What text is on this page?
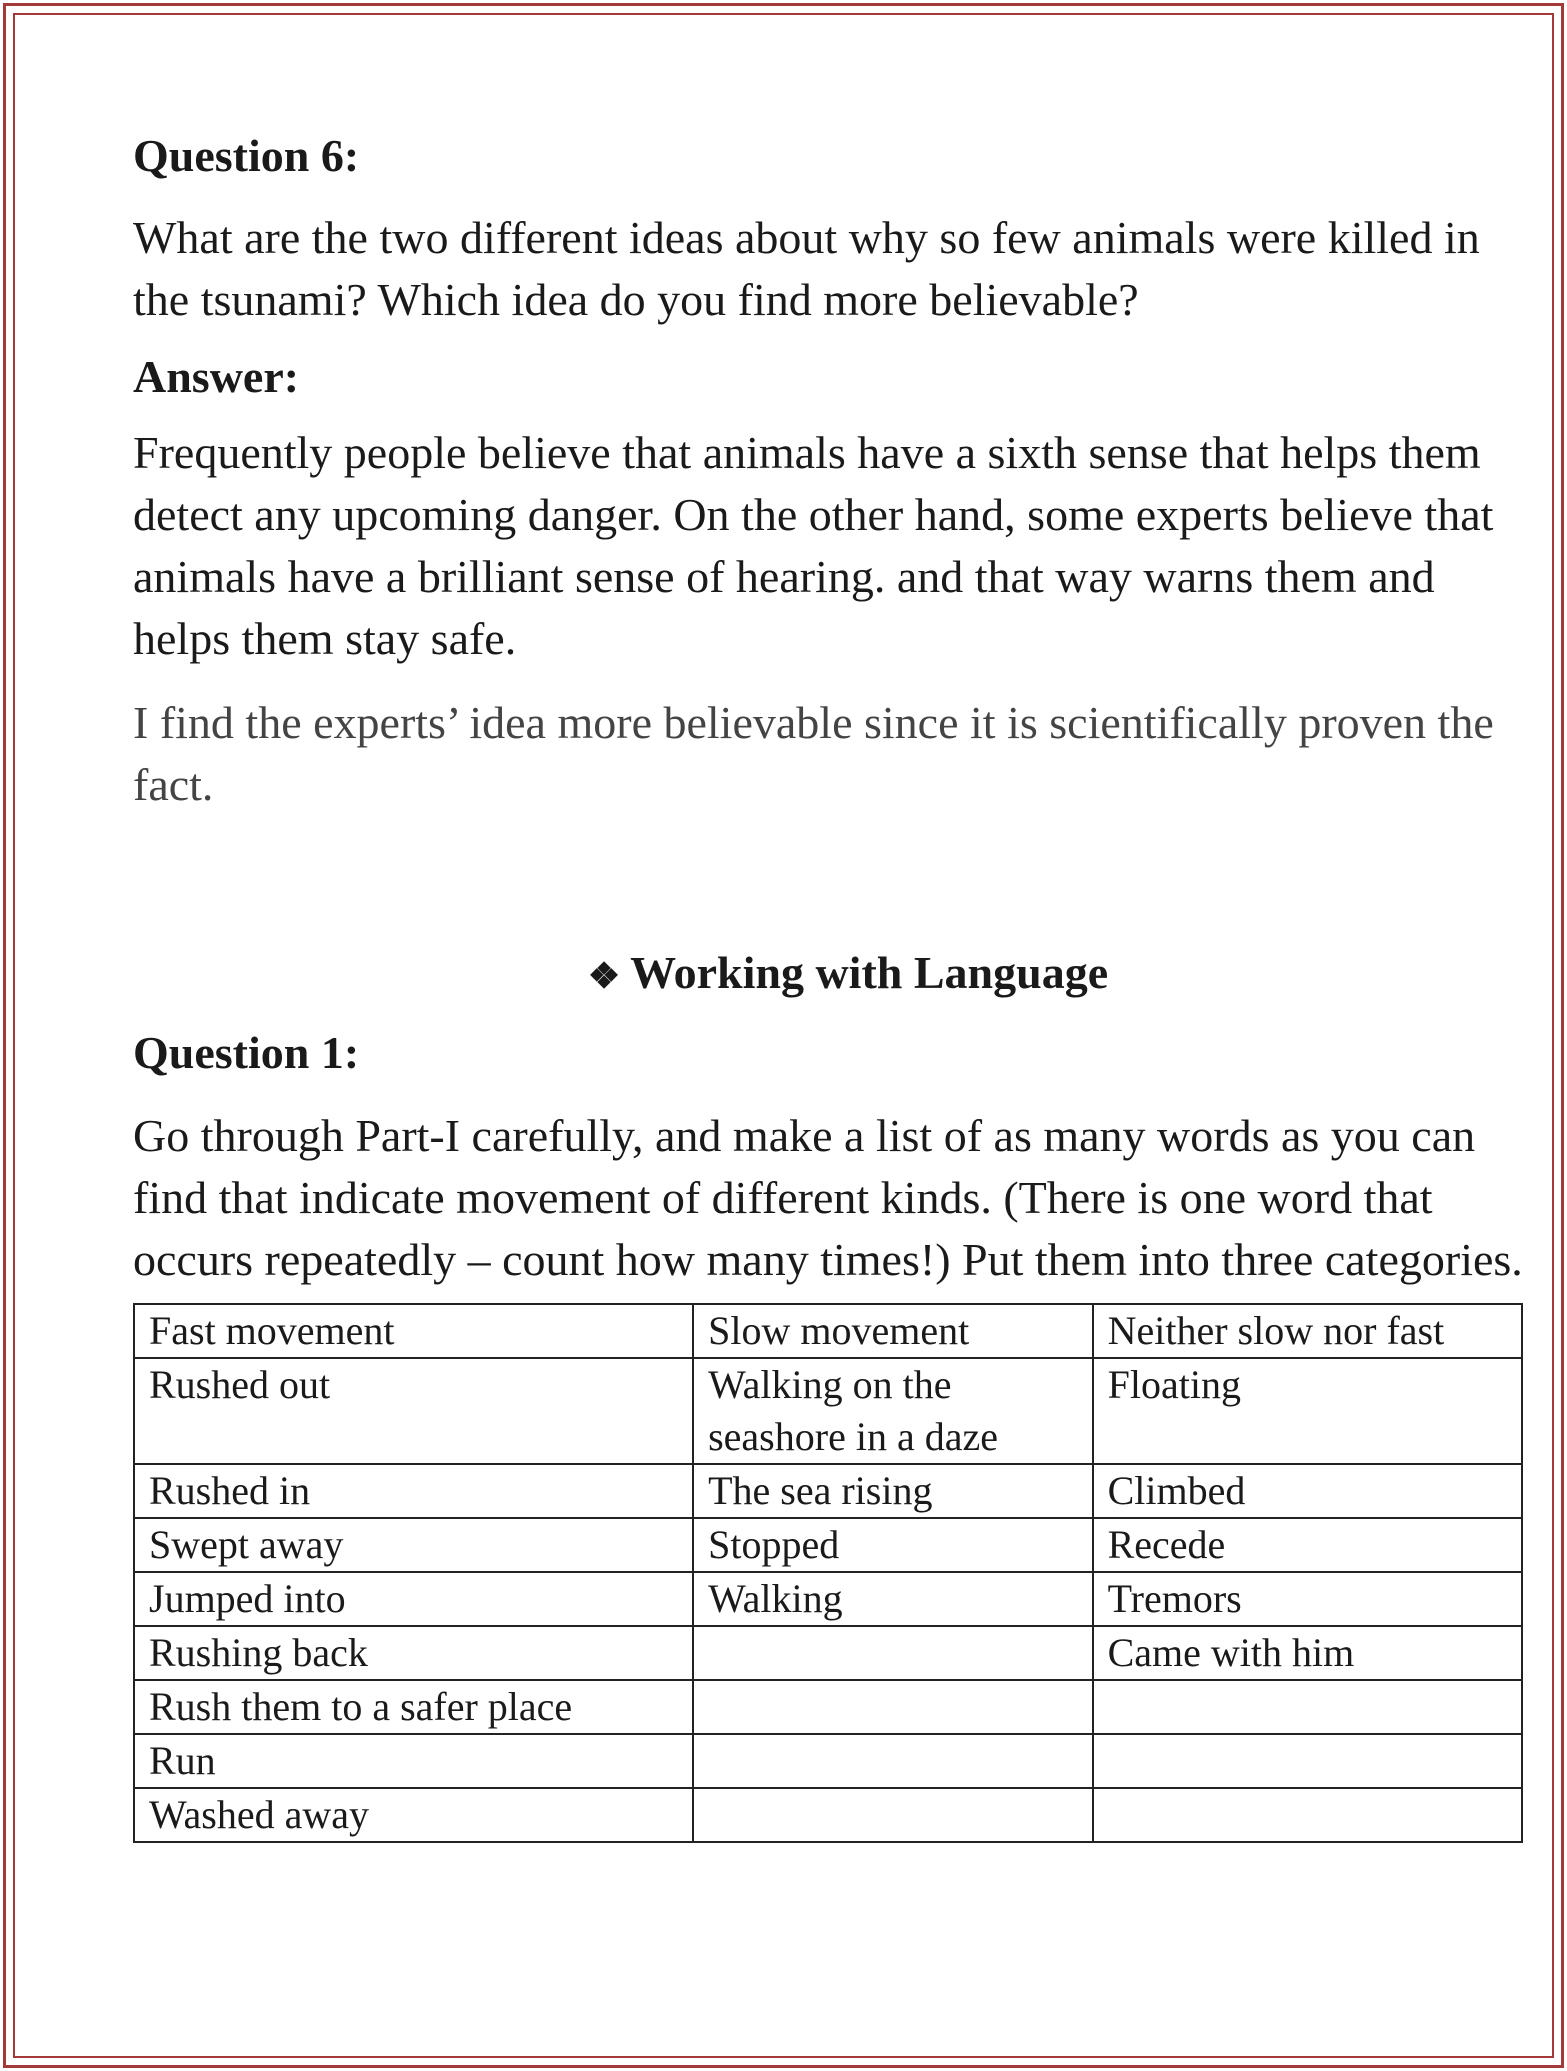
Question 6:

What are the two different ideas about why so few animals were killed in the tsunami? Which idea do you find more believable?

Answer:

Frequently people believe that animals have a sixth sense that helps them detect any upcoming danger. On the other hand, some experts believe that animals have a brilliant sense of hearing. and that way warns them and helps them stay safe.

I find the experts’ idea more believable since it is scientifically proven the fact.

❖ Working with Language

Question 1:

Go through Part-I carefully, and make a list of as many words as you can find that indicate movement of different kinds. (There is one word that occurs repeatedly – count how many times!) Put them into three categories.

Fast movement	Slow movement	Neither slow nor fast
Rushed out	Walking on the seashore in a daze	Floating
Rushed in	The sea rising	Climbed
Swept away	Stopped	Recede
Jumped into	Walking	Tremors
Rushing back		Came with him
Rush them to a safer place		
Run		
Washed away		
